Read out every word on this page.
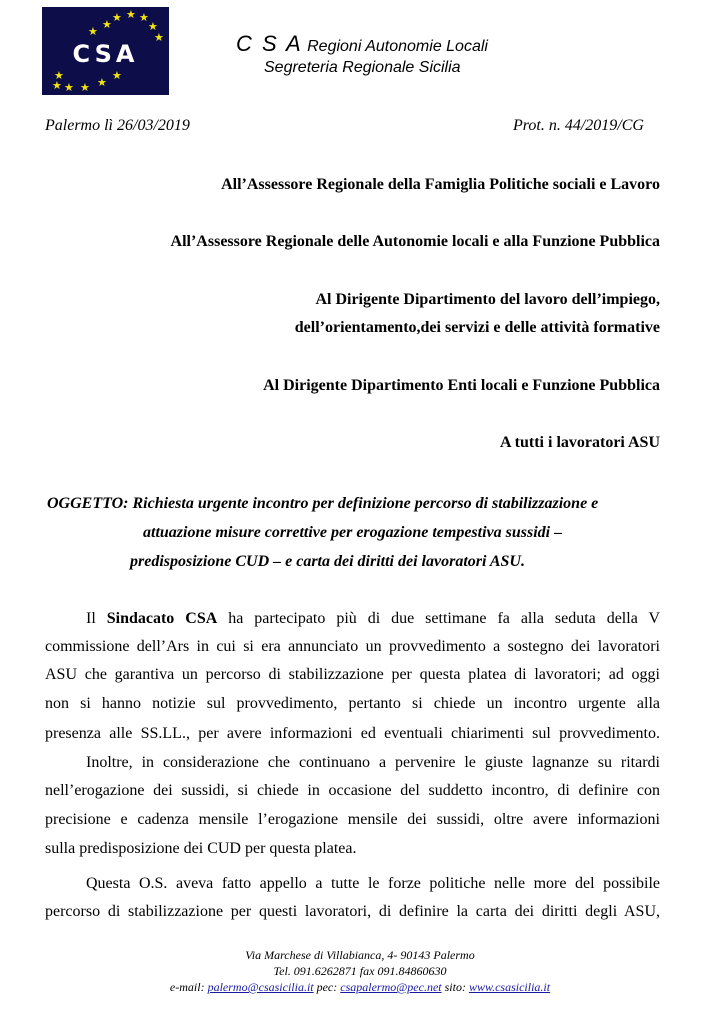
CSA
★ ★ ★
★	★
★	★
★
★ ★ ★ ★
★
C S A Regioni Autonomie Locali
Segreteria Regionale Sicilia
Palermo lì 26/03/2019	Prot. n. 44/2019/CG
All’Assessore Regionale della Famiglia Politiche sociali e Lavoro
All’Assessore Regionale delle Autonomie locali e alla Funzione Pubblica
Al Dirigente Dipartimento del lavoro dell’impiego,
dell’orientamento,dei servizi e delle attività formative
Al Dirigente Dipartimento Enti locali e Funzione Pubblica
A tutti i lavoratori ASU
OGGETTO: Richiesta urgente incontro per definizione percorso di stabilizzazione e
attuazione misure correttive per erogazione tempestiva sussidi –
predisposizione CUD – e carta dei diritti dei lavoratori ASU.
Il Sindacato CSA ha partecipato più di due settimane fa alla seduta della V
commissione dell’Ars in cui si era annunciato un provvedimento a sostegno dei lavoratori
ASU che garantiva un percorso di stabilizzazione per questa platea di lavoratori; ad oggi
non si hanno notizie sul provvedimento, pertanto si chiede un incontro urgente alla
presenza alle SS.LL., per avere informazioni ed eventuali chiarimenti sul provvedimento.
Inoltre, in considerazione che continuano a pervenire le giuste lagnanze su ritardi
nell’erogazione dei sussidi, si chiede in occasione del suddetto incontro, di definire con
precisione e cadenza mensile l’erogazione mensile dei sussidi, oltre avere informazioni
sulla predisposizione dei CUD per questa platea.
Questa O.S. aveva fatto appello a tutte le forze politiche nelle more del possibile
percorso di stabilizzazione per questi lavoratori, di definire la carta dei diritti degli ASU,
Via Marchese di Villabianca, 4- 90143 Palermo
Tel. 091.6262871 fax 091.84860630
e-mail: palermo@csasicilia.it pec: csapalermo@pec.net sito: www.csasicilia.it
